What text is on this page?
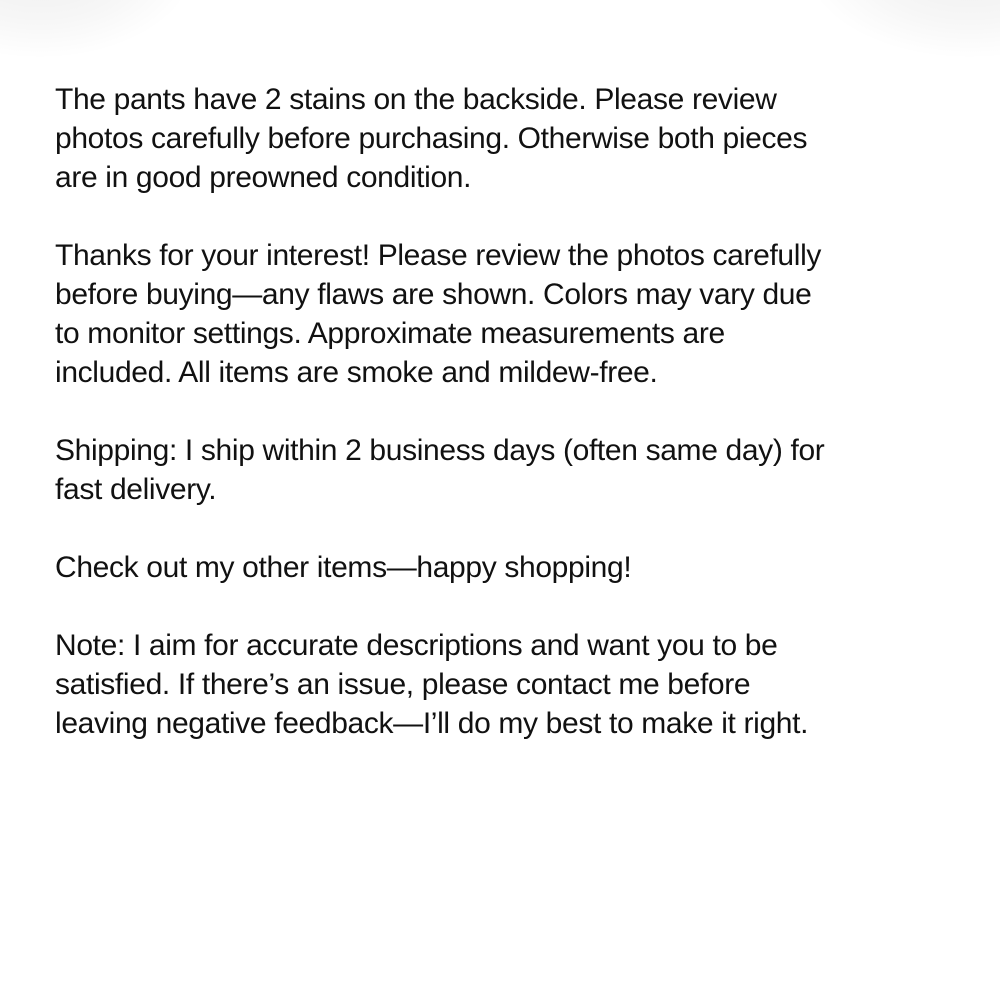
The pants have 2 stains on the backside. Please review
photos carefully before purchasing. Otherwise both pieces
are in good preowned condition.

Thanks for your interest! Please review the photos carefully
before buying—any flaws are shown. Colors may vary due
to monitor settings. Approximate measurements are
included. All items are smoke and mildew-free.

Shipping: I ship within 2 business days (often same day) for
fast delivery.

Check out my other items—happy shopping!

Note: I aim for accurate descriptions and want you to be
satisfied. If there’s an issue, please contact me before
leaving negative feedback—I’ll do my best to make it right.
